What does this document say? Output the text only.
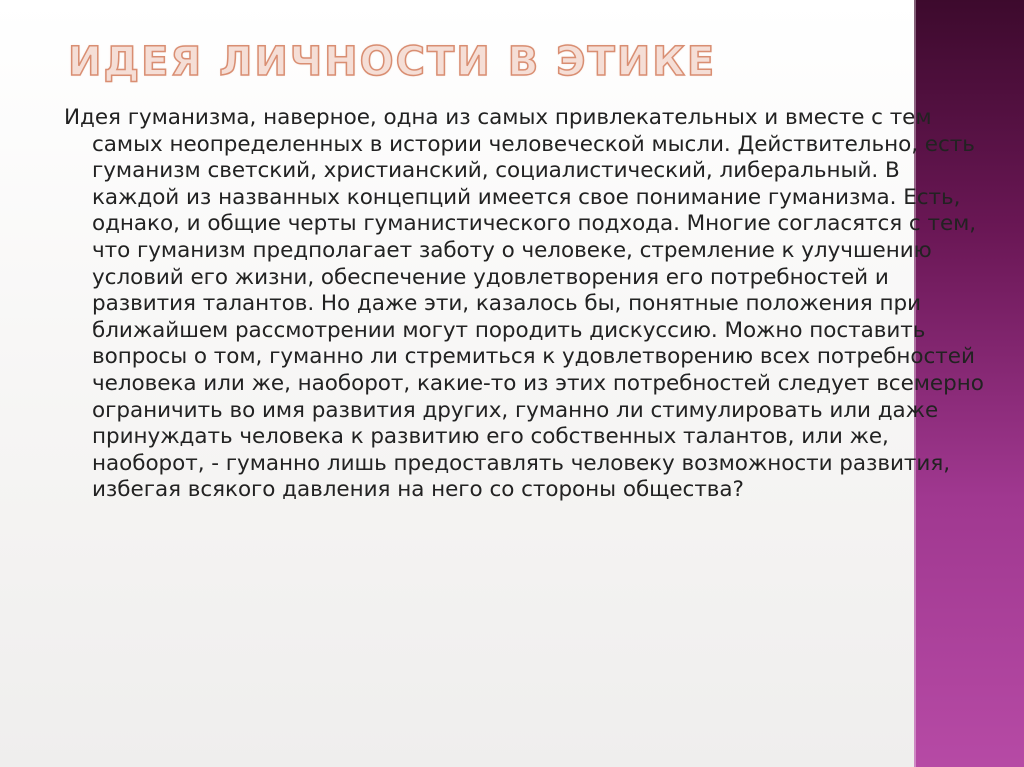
ИДЕЯ ЛИЧНОСТИ В ЭТИКЕ

Идея гуманизма, наверное, одна из самых привлекательных и вместе с тем самых неопределенных в истории человеческой мысли. Действительно, есть гуманизм светский, христианский, социалистический, либеральный. В каждой из названных концепций имеется свое понимание гуманизма. Есть, однако, и общие черты гуманистического подхода. Многие согласятся с тем, что гуманизм предполагает заботу о человеке, стремление к улучшению условий его жизни, обеспечение удовлетворения его потребностей и развития талантов. Но даже эти, казалось бы, понятные положения при ближайшем рассмотрении могут породить дискуссию. Можно поставить вопросы о том, гуманно ли стремиться к удовлетворению всех потребностей человека или же, наоборот, какие-то из этих потребностей следует всемерно ограничить во имя развития других, гуманно ли стимулировать или даже принуждать человека к развитию его собственных талантов, или же, наоборот, - гуманно лишь предоставлять человеку возможности развития, избегая всякого давления на него со стороны общества?
